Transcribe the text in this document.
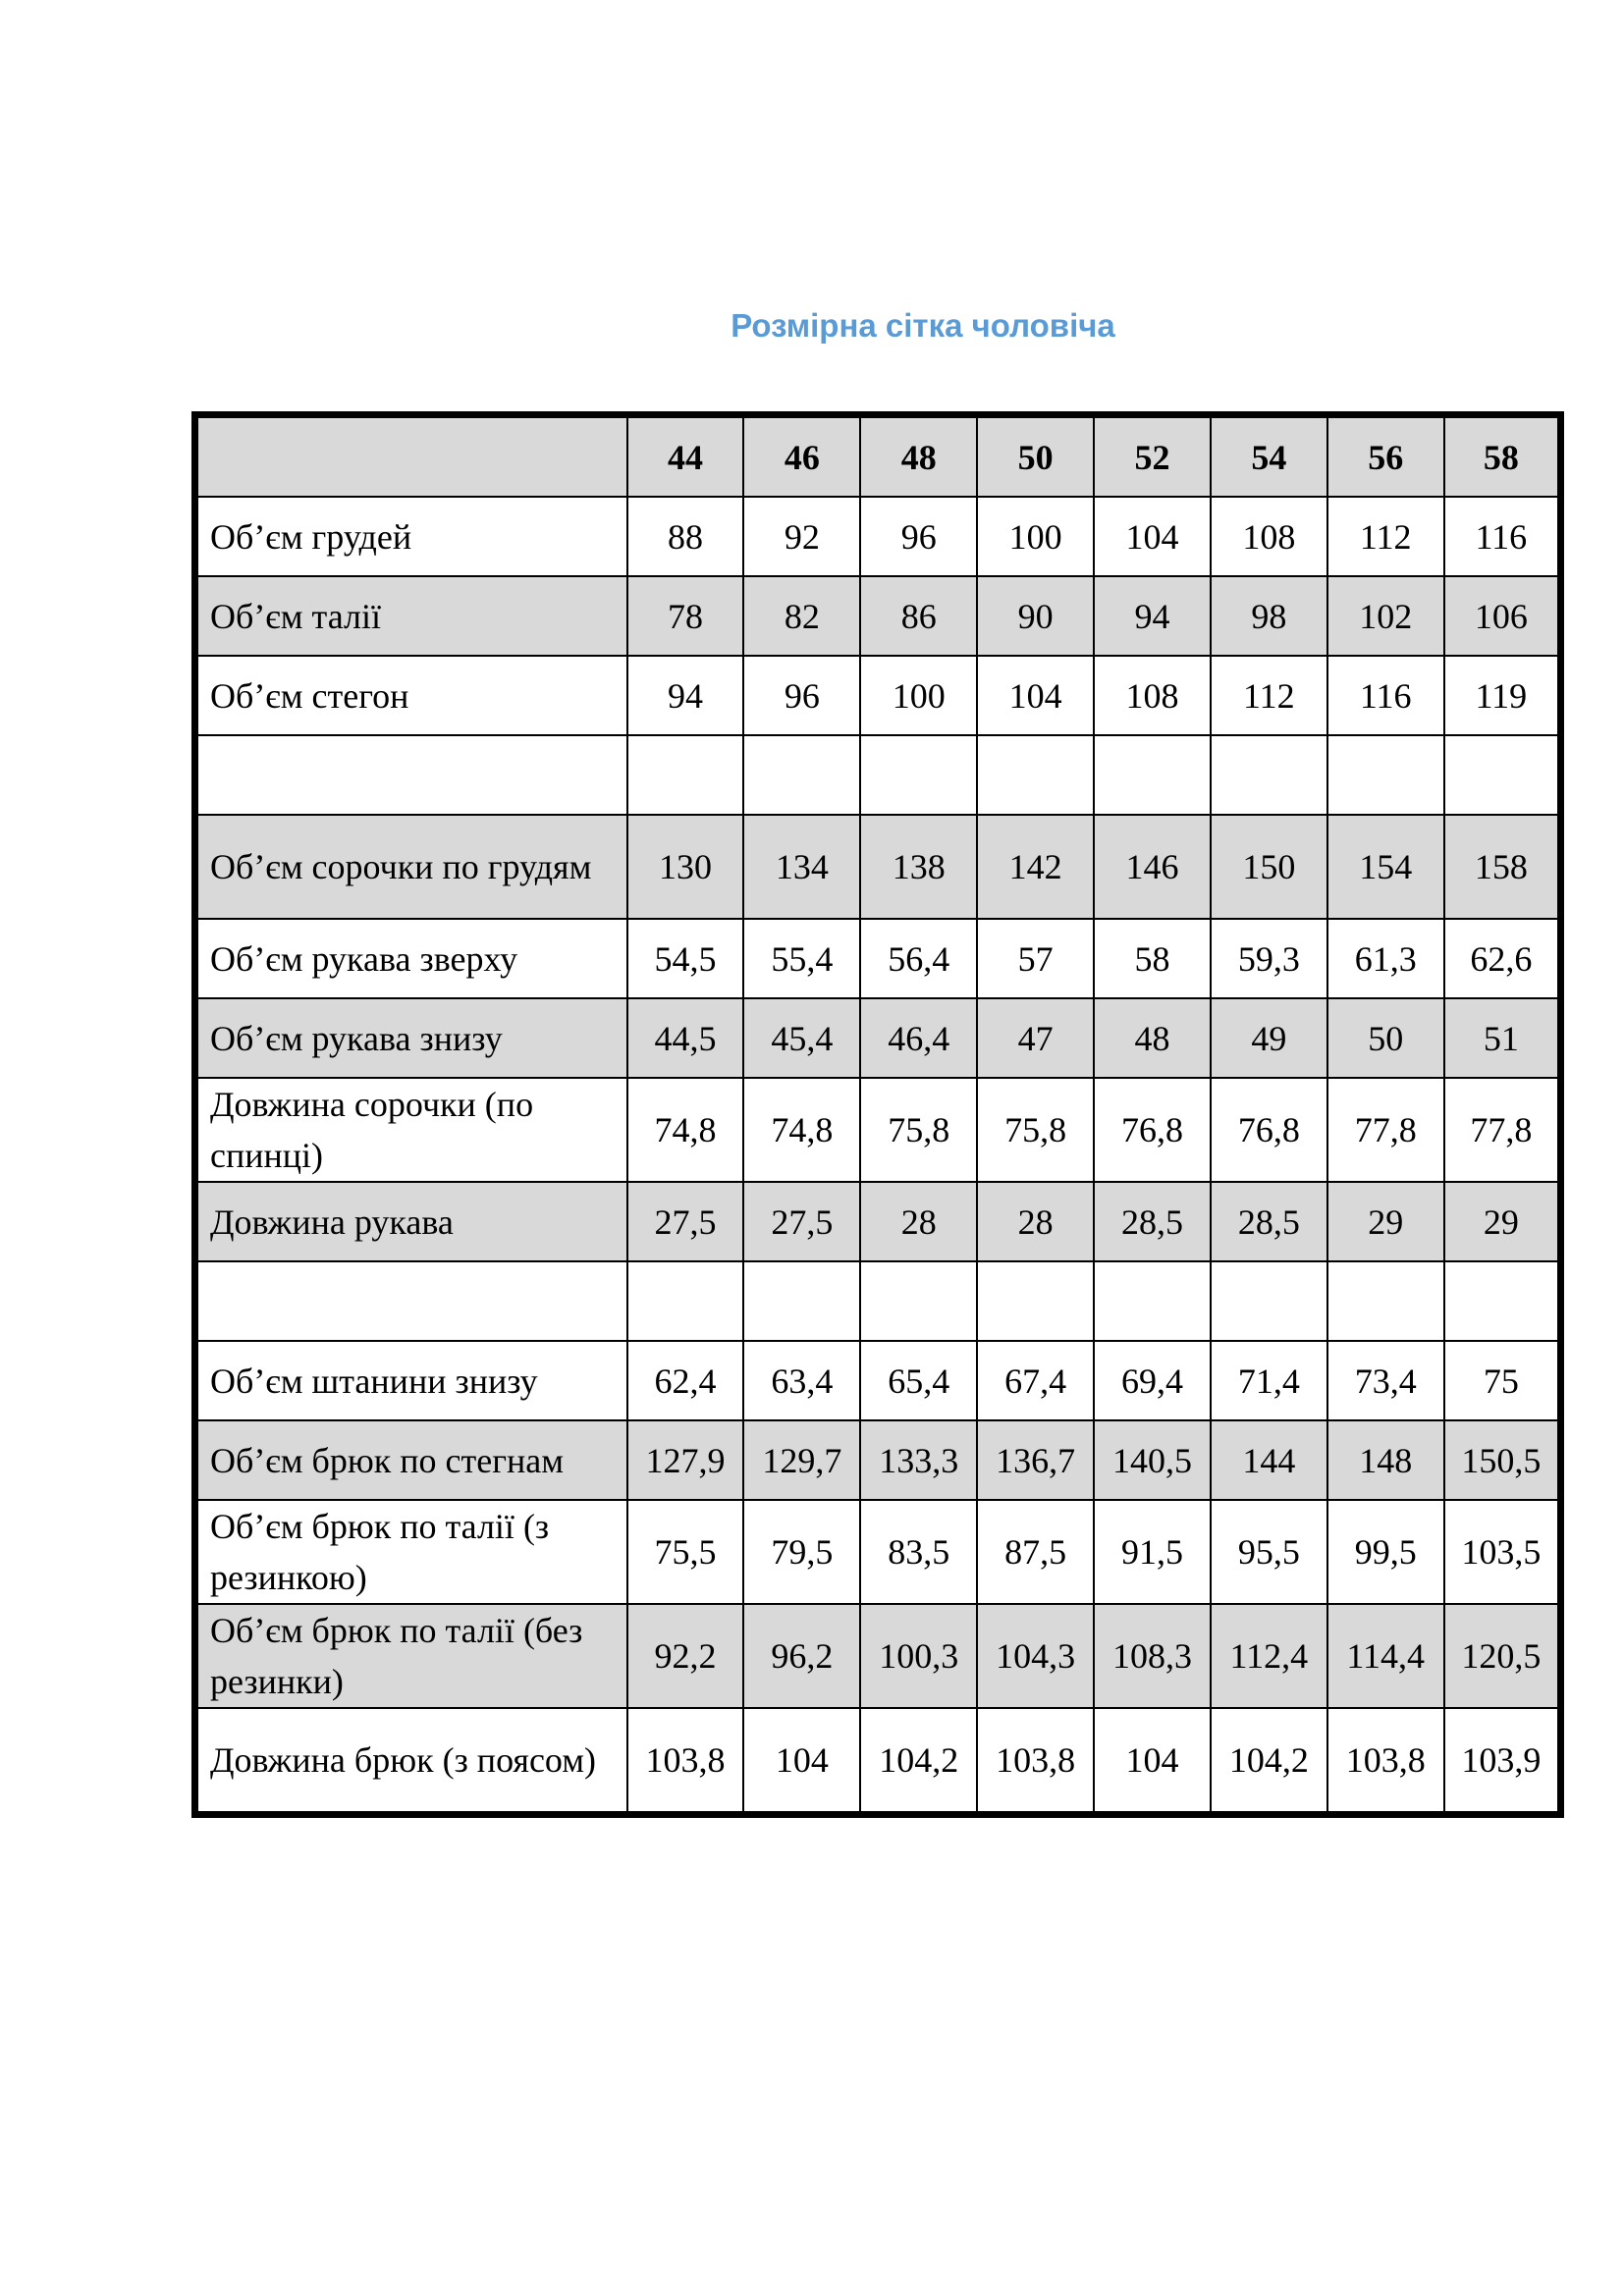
Розмірна сітка чоловіча
	44	46	48	50	52	54	56	58
Об’єм грудей	88	92	96	100	104	108	112	116
Об’єм талії	78	82	86	90	94	98	102	106
Об’єм стегон	94	96	100	104	108	112	116	119

Об’єм сорочки по грудям	130	134	138	142	146	150	154	158
Об’єм рукава зверху	54,5	55,4	56,4	57	58	59,3	61,3	62,6
Об’єм рукава знизу	44,5	45,4	46,4	47	48	49	50	51
Довжина сорочки (по спинці)	74,8	74,8	75,8	75,8	76,8	76,8	77,8	77,8
Довжина рукава	27,5	27,5	28	28	28,5	28,5	29	29

Об’єм штанини знизу	62,4	63,4	65,4	67,4	69,4	71,4	73,4	75
Об’єм брюк по стегнам	127,9	129,7	133,3	136,7	140,5	144	148	150,5
Об’єм брюк по талії (з резинкою)	75,5	79,5	83,5	87,5	91,5	95,5	99,5	103,5
Об’єм брюк по талії (без резинки)	92,2	96,2	100,3	104,3	108,3	112,4	114,4	120,5
Довжина брюк (з поясом)	103,8	104	104,2	103,8	104	104,2	103,8	103,9
